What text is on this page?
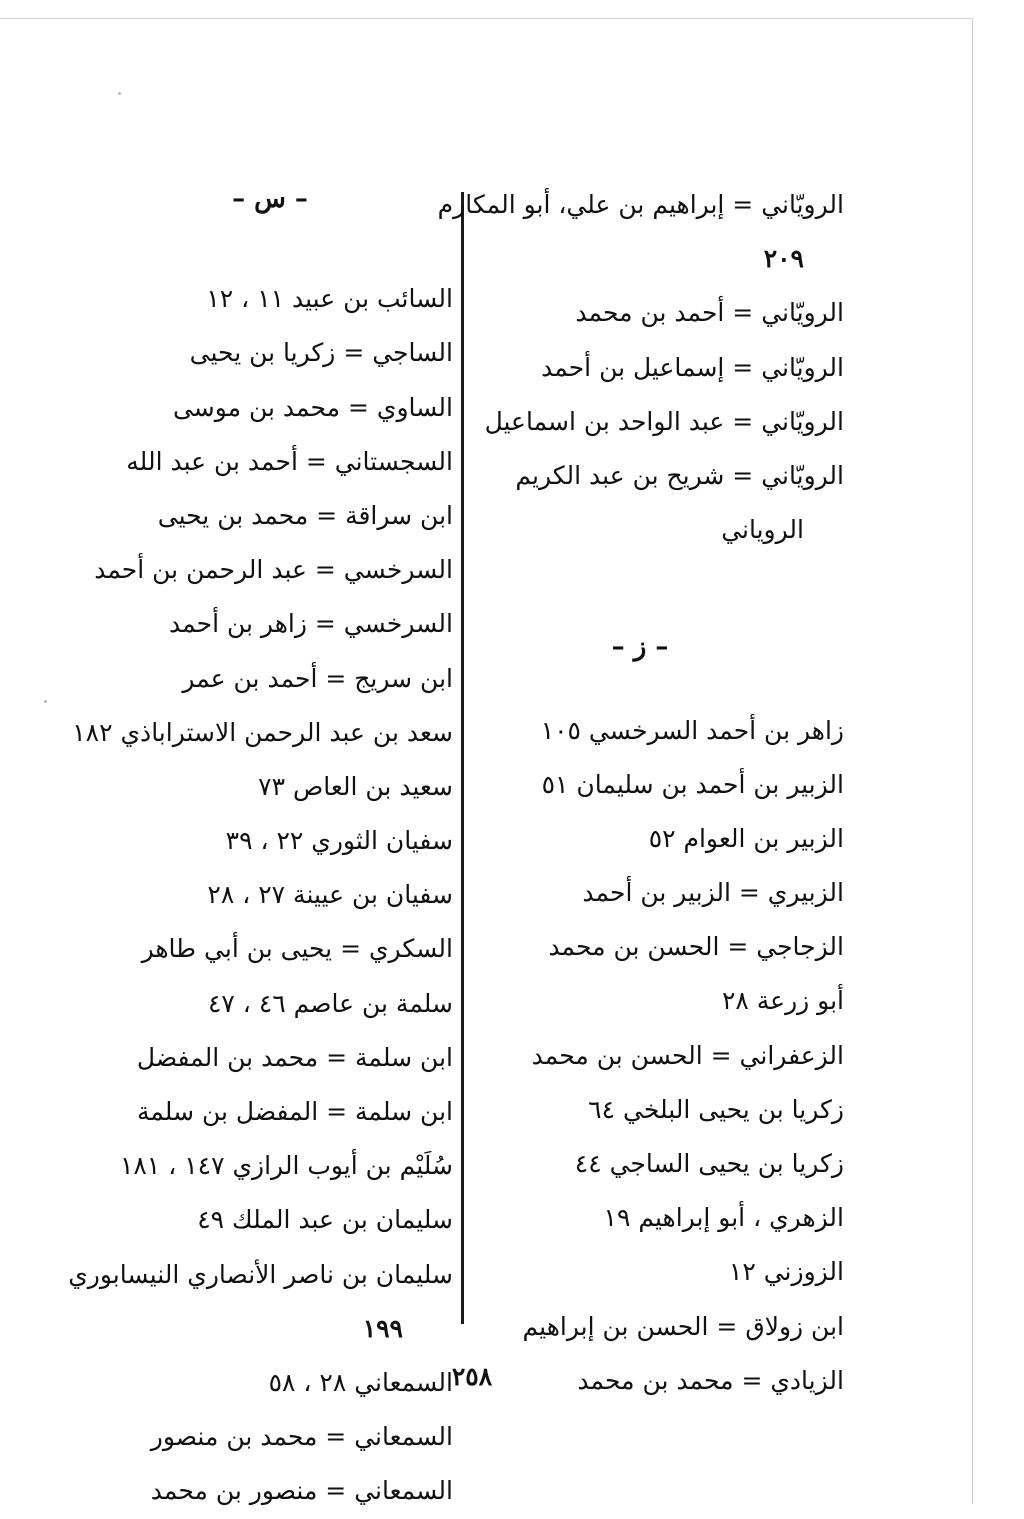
– س –
السائب بن عبيد ١١ ، ١٢
الساجي = زكريا بن يحيى
الساوي = محمد بن موسى
السجستاني = أحمد بن عبد الله
ابن سراقة = محمد بن يحيى
السرخسي = عبد الرحمن بن أحمد
السرخسي = زاهر بن أحمد
ابن سريج = أحمد بن عمر
سعد بن عبد الرحمن الاستراباذي ١٨٢
سعيد بن العاص ٧٣
سفيان الثوري ٢٢ ، ٣٩
سفيان بن عيينة ٢٧ ، ٢٨
السكري = يحيى بن أبي طاهر
سلمة بن عاصم ٤٦ ، ٤٧
ابن سلمة = محمد بن المفضل
ابن سلمة = المفضل بن سلمة
سُلَيْم بن أيوب الرازي ١٤٧ ، ١٨١
سليمان بن عبد الملك ٤٩
سليمان بن ناصر الأنصاري النيسابوري
١٩٩
السمعاني ٢٨ ، ٥٨
السمعاني = محمد بن منصور
السمعاني = منصور بن محمد
الرويّاني = إبراهيم بن علي، أبو المكارم
٢٠٩
الرويّاني = أحمد بن محمد
الرويّاني = إسماعيل بن أحمد
الرويّاني = عبد الواحد بن اسماعيل
الرويّاني = شريح بن عبد الكريم
الروياني
زاهر بن أحمد السرخسي ١٠٥
الزبير بن أحمد بن سليمان ٥١
الزبير بن العوام ٥٢
الزبيري = الزبير بن أحمد
الزجاجي = الحسن بن محمد
أبو زرعة ٢٨
الزعفراني = الحسن بن محمد
زكريا بن يحيى البلخي ٦٤
زكريا بن يحيى الساجي ٤٤
الزهري ، أبو إبراهيم ١٩
الزوزني ١٢
ابن زولاق = الحسن بن إبراهيم
الزيادي = محمد بن محمد
– ز –
٢٥٨
